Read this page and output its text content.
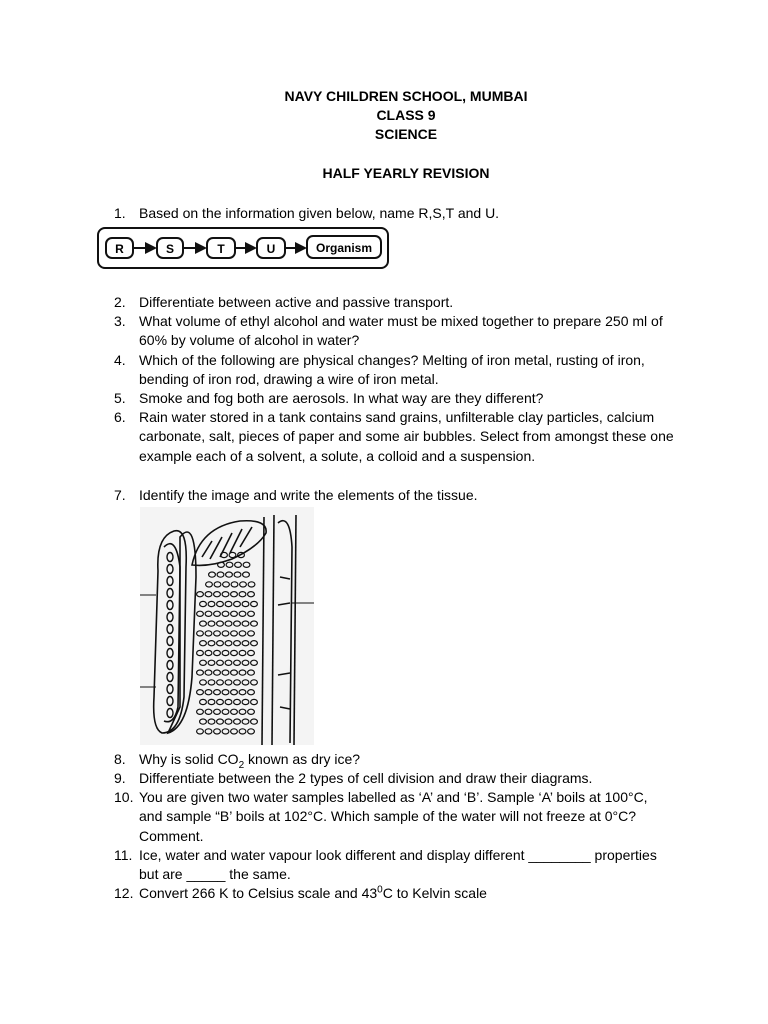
NAVY CHILDREN SCHOOL, MUMBAI
CLASS 9
SCIENCE
HALF YEARLY REVISION
1. Based on the information given below, name R,S,T and U.
R	S	T	U	Organism
2. Differentiate between active and passive transport.
3. What volume of ethyl alcohol and water must be mixed together to prepare 250 ml of 60% by volume of alcohol in water?
4. Which of the following are physical changes? Melting of iron metal, rusting of iron, bending of iron rod, drawing a wire of iron metal.
5. Smoke and fog both are aerosols. In what way are they different?
6. Rain water stored in a tank contains sand grains, unfilterable clay particles, calcium carbonate, salt, pieces of paper and some air bubbles. Select from amongst these one example each of a solvent, a solute, a colloid and a suspension.
7. Identify the image and write the elements of the tissue.
8. Why is solid $CO_2$ known as dry ice?
9. Differentiate between the 2 types of cell division and draw their diagrams.
10. You are given two water samples labelled as ‘A’ and ‘B’. Sample ‘A’ boils at 100°C, and sample “B’ boils at 102°C. Which sample of the water will not freeze at 0°C? Comment.
11. Ice, water and water vapour look different and display different ________ properties but are _____ the same.
12. Convert 266 K to Celsius scale and $43^0C$ to Kelvin scale
